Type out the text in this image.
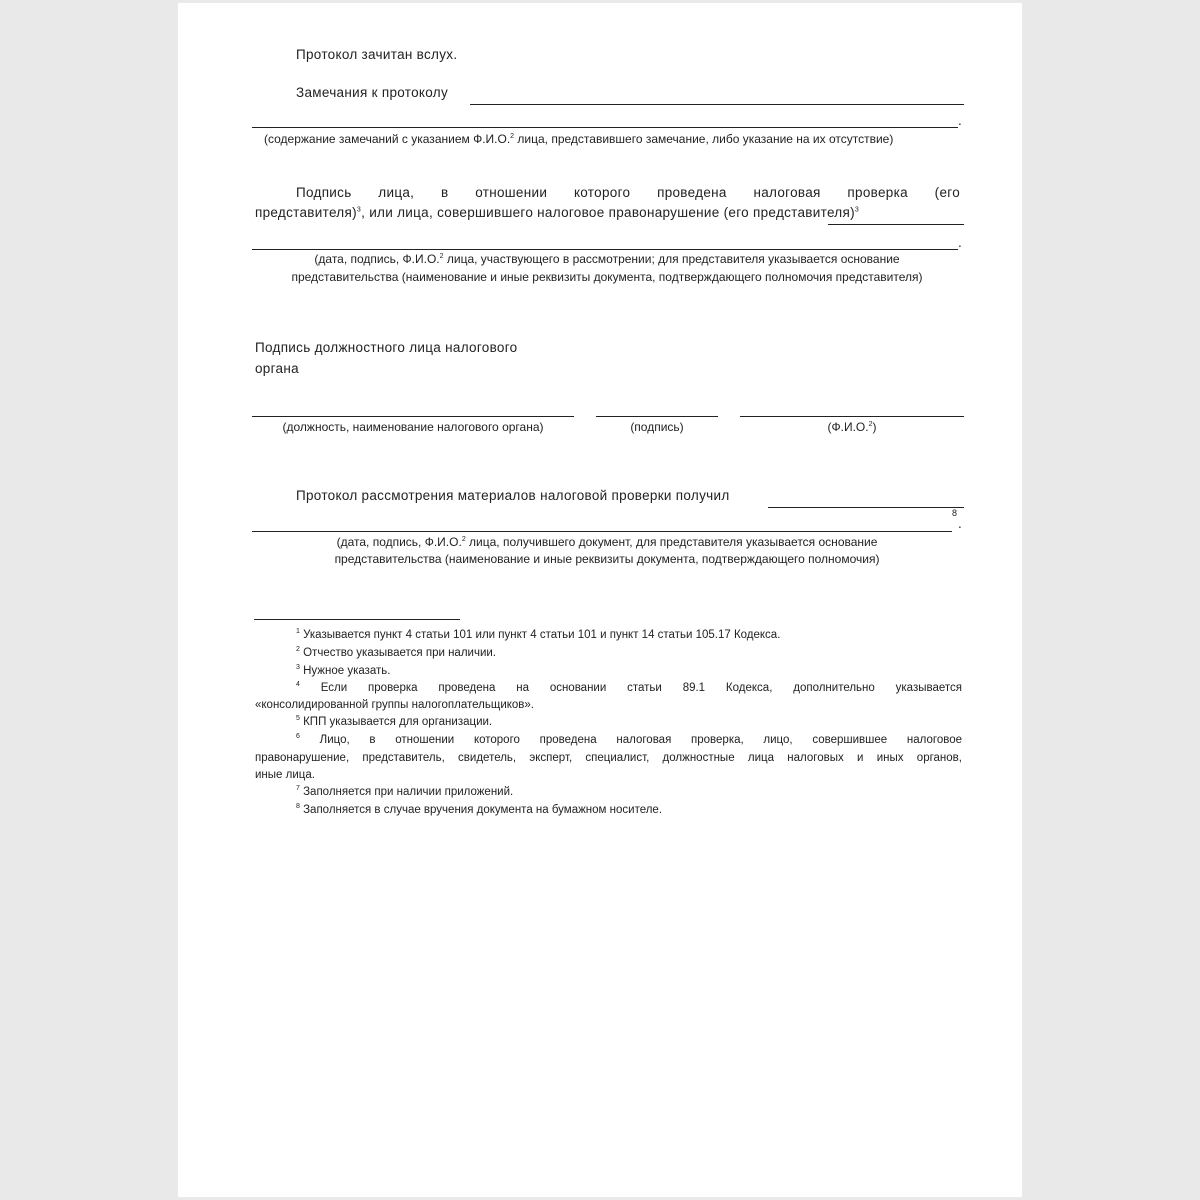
Протокол зачитан вслух.
Замечания к протоколу
.
(содержание замечаний с указанием Ф.И.О.$^2$ лица, представившего замечание, либо указание на их отсутствие)
Подпись лица, в отношении которого проведена налоговая проверка (его
представителя)$^3$, или лица, совершившего налоговое правонарушение (его представителя)$^3$
.
(дата, подпись, Ф.И.О.$^2$ лица, участвующего в рассмотрении; для представителя указывается основание
представительства (наименование и иные реквизиты документа, подтверждающего полномочия представителя)
Подпись должностного лица налогового
органа
(должность, наименование налогового органа)	(подпись)	(Ф.И.О.$^2$)
Протокол рассмотрения материалов налоговой проверки получил
8
.
(дата, подпись, Ф.И.О.$^2$ лица, получившего документ, для представителя указывается основание
представительства (наименование и иные реквизиты документа, подтверждающего полномочия)
$^1$ Указывается пункт 4 статьи 101 или пункт 4 статьи 101 и пункт 14 статьи 105.17 Кодекса.
$^2$ Отчество указывается при наличии.
$^3$ Нужное указать.
$^4$ Если проверка проведена на основании статьи 89.1 Кодекса, дополнительно указывается
«консолидированной группы налогоплательщиков».
$^5$ КПП указывается для организации.
$^6$ Лицо, в отношении которого проведена налоговая проверка, лицо, совершившее налоговое
правонарушение, представитель, свидетель, эксперт, специалист, должностные лица налоговых и иных органов,
иные лица.
$^7$ Заполняется при наличии приложений.
$^8$ Заполняется в случае вручения документа на бумажном носителе.
